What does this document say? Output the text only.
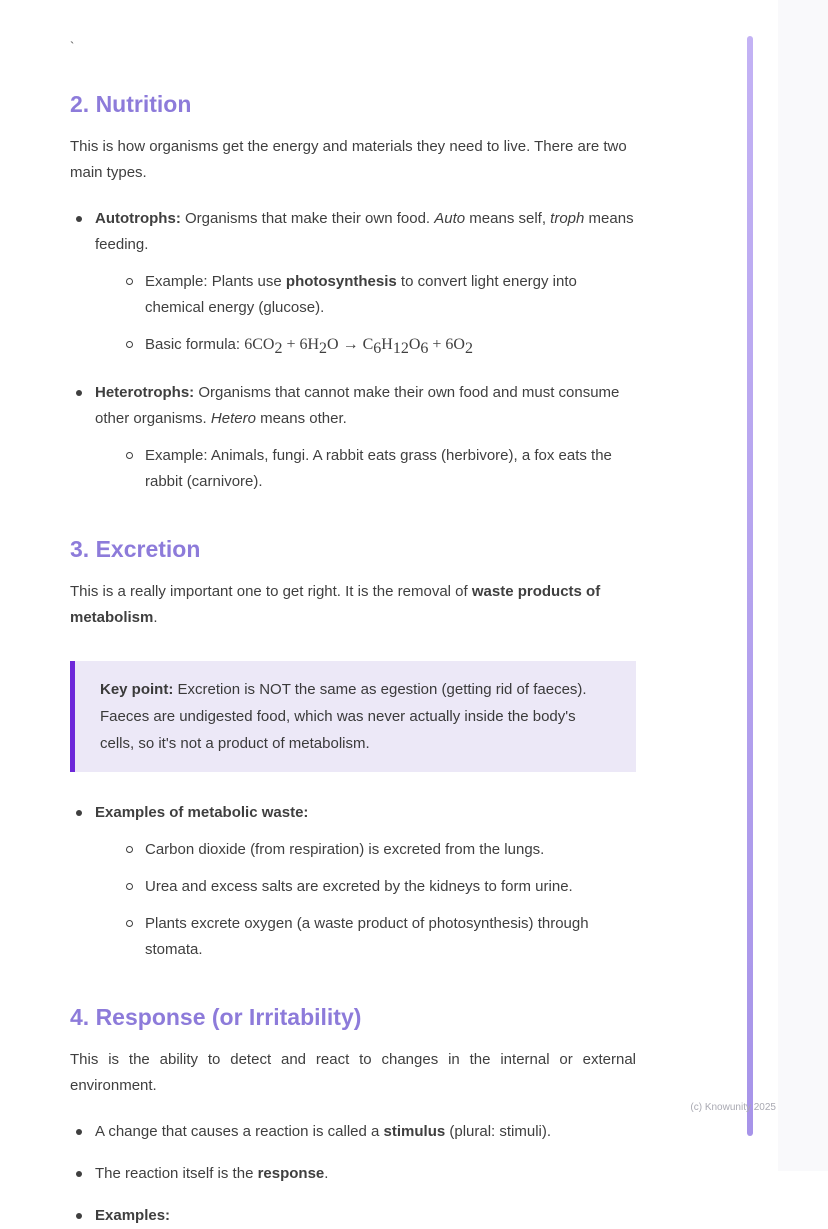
`
2. Nutrition

This is how organisms get the energy and materials they need to live. There are two main types.

Autotrophs: Organisms that make their own food. Auto means self, troph means feeding.
Example: Plants use photosynthesis to convert light energy into chemical energy (glucose).
Basic formula: $6CO_2 + 6H_2O \to C_6H_{12}O_6 + 6O_2$
Heterotrophs: Organisms that cannot make their own food and must consume other organisms. Hetero means other.
Example: Animals, fungi. A rabbit eats grass (herbivore), a fox eats the rabbit (carnivore).
3. Excretion

This is a really important one to get right. It is the removal of waste products of metabolism.

Key point: Excretion is NOT the same as egestion (getting rid of faeces). Faeces are undigested food, which was never actually inside the body's cells, so it's not a product of metabolism.
Examples of metabolic waste:
Carbon dioxide (from respiration) is excreted from the lungs.
Urea and excess salts are excreted by the kidneys to form urine.
Plants excrete oxygen (a waste product of photosynthesis) through stomata.
4. Response (or Irritability)

This is the ability to detect and react to changes in the internal or external environment.

A change that causes a reaction is called a stimulus (plural: stimuli).
The reaction itself is the response.
Examples:
(c) Knowunity 2025
